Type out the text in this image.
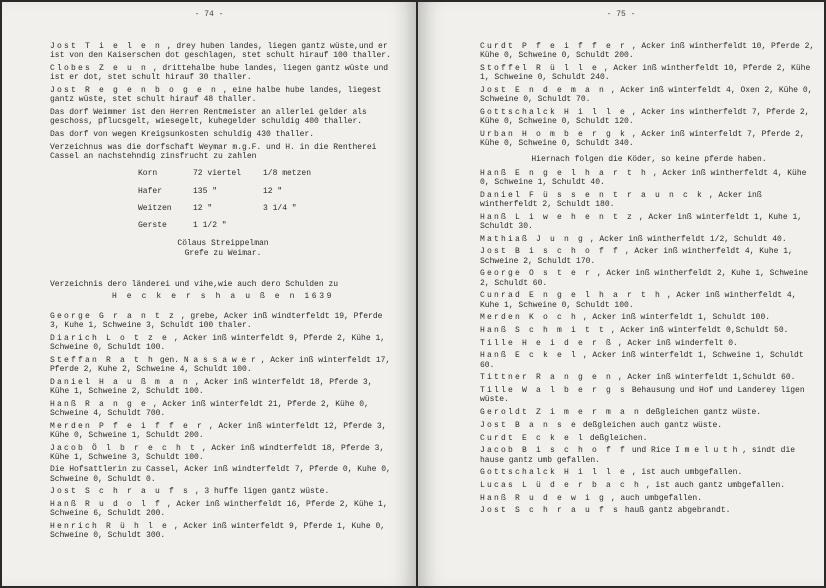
- 74 -

Jost T i e l e n , drey huben landes, liegen gantz wüste,und er ist von den Kaiserschen dot geschlagen, stet schult hirauf 100 thaller.

Clobes Z e u n , drittehalbe hube landes, liegen gantz wüste und ist er dot, stet schult hirauf 30 thaller.

Jost R e g e n b o g e n , eine halbe hube landes, liegest gantz wüste, stet schult hirauf 48 thaller.

Das dorf Weimmer ist den Herren Rentmeister an allerlei gelder als geschoss, pflucsgelt, wiesegelt, kuhegelder schuldig 400 thaller.

Das dorf von wegen Kreigsunkosten schuldig 430 thaller.

Verzeichnus was die dorfschaft Weymar m.g.F. und H. in die Rentherei Cassel an nachstehndig zinsfrucht zu zahlen

Korn	72 viertel	1/8 metzen

Hafer	135 "	12 "

Weitzen	12 "	3 1/4 "

Gerste	1 1/2 "

Cölaus Streippelman

Grefe zu Weimar.

Verzeichnis dero länderei und vihe,wie auch dero Schulden zu

H e c k e r s h a u ß e n 1639

George G r a n t z , grebe, Acker inß windterfeldt 19, Pferde 3, Kuhe 1, Schweine 3, Schuldt 100 thaler.

Diarich L o t z e , Acker inß winterfeldt 9, Pferde 2, Kühe 1, Schweine 0, Schuldt 100.

Steffan R a t h gen. N a s s a w e r , Acker inß winterfeldt 17, Pferde 2, Kuhe 2, Schweine 4, Schuldt 100.

Daniel H a u ß m a n , Acker inß winterfeldt 18, Pferde 3, Kühe 1, Schweine 2, Schuldt 100.

Hanß R a n g e , Acker inß winterfeldt 21, Pferde 2, Kühe 0, Schweine 4, Schuldt 700.

Merden P f e i f f e r , Acker inß winterfeldt 12, Pferde 3, Kühe 0, Schweine 1, Schuldt 200.

Jacob Ö l b r e c h t , Acker inß windterfeldt 18, Pferde 3, Kühe 1, Schweine 3, Schuldt 100.

Die Hofsattlerin zu Cassel, Acker inß windterfeldt 7, Pferde 0, Kuhe 0, Schweine 0, Schuldt 0.

Jost S c h r a u f s , 3 huffe ligen gantz wüste.

Hanß R u d o l f , Acker inß wintherfeldt 16, Pferde 2, Kühe 1, Schweine 6, Schuldt 200.

Henrich R ü h l e , Acker inß winterfeldt 9, Pferde 1, Kuhe 0, Schweine 0, Schuldt 300.

- 75 -

Curdt P f e i f f e r , Acker inß wintherfeldt 10, Pferde 2, Kühe 0, Schweine 0, Schuldt 200.

Stoffel R ü l l e , Acker inß wintherfeldt 10, Pferde 2, Kühe 1, Schweine 0, Schuldt 240.

Jost E n d e m a n , Acker inß winterfeldt 4, Oxen 2, Kühe 0, Schweine 0, Schuldt 70.

Gottschalck H i l l e , Acker ins wintherfeldt 7, Pferde 2, Kühe 0, Schweine 0, Schuldt 120.

Urban H o m b e r g k , Acker inß winterfeldt 7, Pferde 2, Kühe 0, Schweine 0, Schuldt 340.

Hiernach folgen die Köder, so keine pferde haben.

Hanß E n g e l h a r t h , Acker inß wintherfeldt 4, Kühe 0, Schweine 1, Schuldt 40.

Daniel F ü s s e n t r a u n c k , Acker inß wintherfeldt 2, Schuldt 180.

Hanß L i w e h e n t z , Acker inß winterfeldt 1, Kuhe 1, Schuldt 30.

Mathiaß J u n g , Acker inß wintherfeldt 1/2, Schuldt 40.

Jost B i s c h o f f , Acker inß wintherfeldt 4, Kuhe 1, Schweine 2, Schuldt 170.

George O s t e r , Acker inß wintherfeldt 2, Kuhe 1, Schweine 2, Schuldt 60.

Cunrad E n g e l h a r t h , Acker inß wintherfeldt 4, Kuhe 1, Schweine 0, Schuldt 100.

Merden K o c h , Acker inß winterfeldt 1, Schuldt 100.

Hanß S c h m i t t , Acker inß winterfeldt 0,Schuldt 50.

Tille H e i d e r ß , Acker inß winderfelt 0.

Hanß E c k e l , Acker inß winterfeldt 1, Schweine 1, Schuldt 60.

Tittner R a n g e n , Acker inß winterfeldt 1,Schuldt 60.

Tille W a l b e r g s Behausung und Hof und Landerey ligen wüste.

Geroldt Z i m e r m a n deßgleichen gantz wüste.

Jost B a n s e deßgleichen auch gantz wüste.

Curdt E c k e l deßgleichen.

Jacob B i s c h o f f und Rice I m e l u t h , sindt die hause gantz umb gefallen.

Gottschalck H i l l e , ist auch umbgefallen.

Lucas L ü d e r b a c h , ist auch gantz umbgefallen.

Hanß R u d e w i g , auch umbgefallen.

Jost S c h r a u f s hauß gantz abgebrandt.
